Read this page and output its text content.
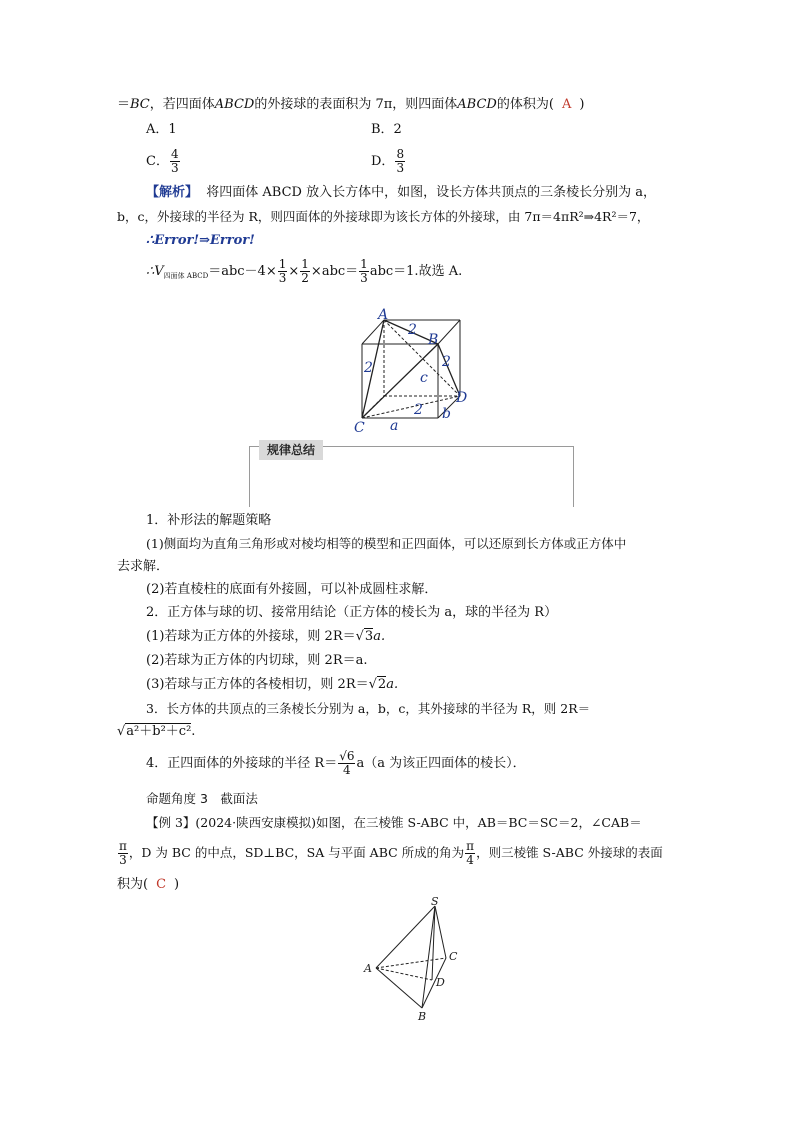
＝BC，若四面体ABCD的外接球的表面积为 7π，则四面体ABCD的体积为( A )
A．1	B．2
C． $\frac{4}{3}$	D． $\frac{8}{3}$
【解析】 将四面体 ABCD 放入长方体中，如图，设长方体共顶点的三条棱长分别为 a，
b，c，外接球的半径为 R，则四面体的外接球即为该长方体的外接球，由 7π＝4πR²⇒4R²＝7，
∴Error!⇒Error!
$\therefore V_{四面体 ABCD}=abc-4\times \frac{1}{3} \times \frac{1}{2} \times abc= \frac{1}{3} abc=1$.故选 A.
A
B
C
D
2
2	2
2
a
b
c
规律总结
1．补形法的解题策略
(1)侧面均为直角三角形或对棱均相等的模型和正四面体，可以还原到长方体或正方体中
去求解．
(2)若直棱柱的底面有外接圆，可以补成圆柱求解．
2．正方体与球的切、接常用结论（正方体的棱长为 a，球的半径为 R）
(1)若球为正方体的外接球，则 2R＝√3a.
(2)若球为正方体的内切球，则 2R＝a.
(3)若球与正方体的各棱相切，则 2R＝√2a.
3．长方体的共顶点的三条棱长分别为 a，b，c，其外接球的半径为 R，则 2R＝
√a²＋b²＋c².
4．正四面体的外接球的半径 $R= \frac{√6}{4} a(a$ 为该正四面体的棱长）．
命题角度 3　截面法
【例 3】(2024·陕西安康模拟)如图，在三棱锥 S-ABC 中，AB＝BC＝SC＝2，∠CAB＝
$\frac{\pi}{3}$ ，D 为 BC 的中点，SD⊥BC，SA 与平面 ABC 所成的角为 $\frac{\pi}{4}$ ，则三棱锥 S-ABC 外接球的表面
积为( C )
S
A
B
C
D
